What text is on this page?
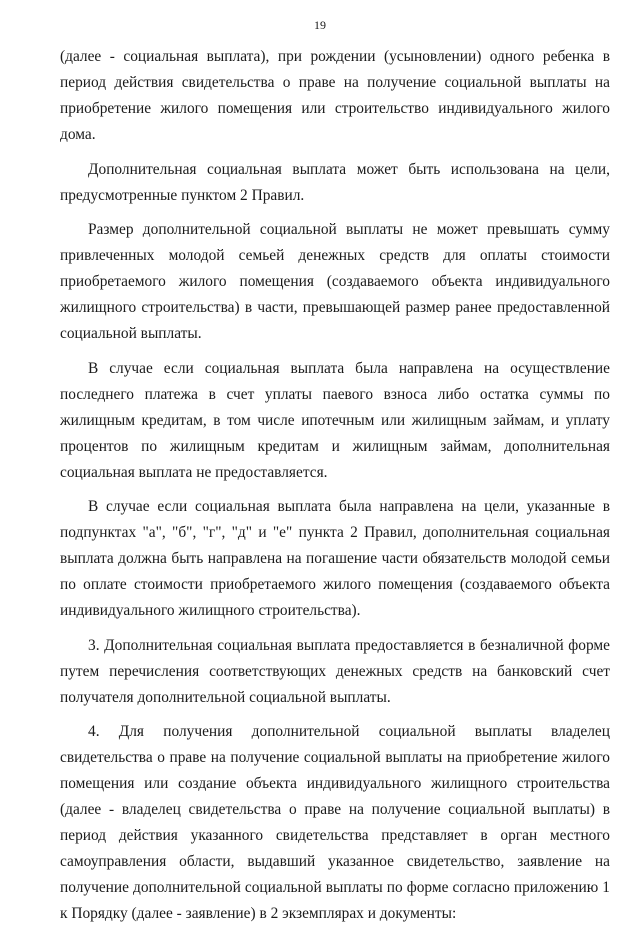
19

(далее - социальная выплата), при рождении (усыновлении) одного ребенка в период действия свидетельства о праве на получение социальной выплаты на приобретение жилого помещения или строительство индивидуального жилого дома.

Дополнительная социальная выплата может быть использована на цели, предусмотренные пунктом 2 Правил.

Размер дополнительной социальной выплаты не может превышать сумму привлеченных молодой семьей денежных средств для оплаты стоимости приобретаемого жилого помещения (создаваемого объекта индивидуального жилищного строительства) в части, превышающей размер ранее предоставленной социальной выплаты.

В случае если социальная выплата была направлена на осуществление последнего платежа в счет уплаты паевого взноса либо остатка суммы по жилищным кредитам, в том числе ипотечным или жилищным займам, и уплату процентов по жилищным кредитам и жилищным займам, дополнительная социальная выплата не предоставляется.

В случае если социальная выплата была направлена на цели, указанные в подпунктах "а", "б", "г", "д" и "е" пункта 2 Правил, дополнительная социальная выплата должна быть направлена на погашение части обязательств молодой семьи по оплате стоимости приобретаемого жилого помещения (создаваемого объекта индивидуального жилищного строительства).

3. Дополнительная социальная выплата предоставляется в безналичной форме путем перечисления соответствующих денежных средств на банковский счет получателя дополнительной социальной выплаты.

4. Для получения дополнительной социальной выплаты владелец свидетельства о праве на получение социальной выплаты на приобретение жилого помещения или создание объекта индивидуального жилищного строительства (далее - владелец свидетельства о праве на получение социальной выплаты) в период действия указанного свидетельства представляет в орган местного самоуправления области, выдавший указанное свидетельство, заявление на получение дополнительной социальной выплаты по форме согласно приложению 1 к Порядку (далее - заявление) в 2 экземплярах и документы:
